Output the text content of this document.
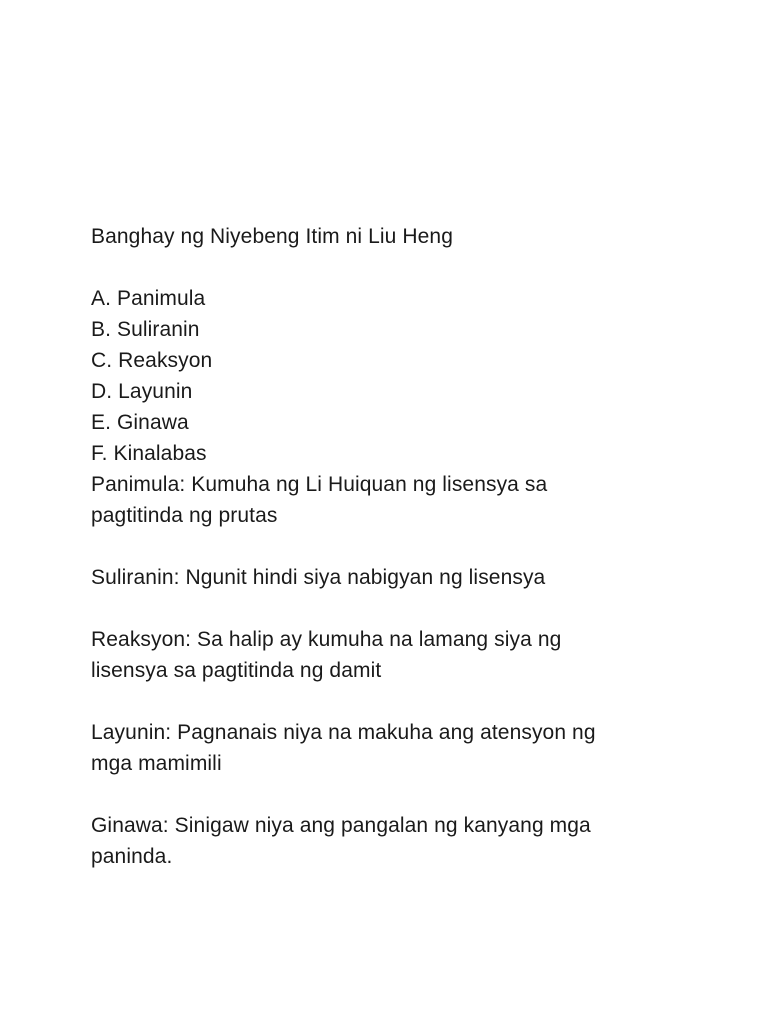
Banghay ng Niyebeng Itim ni Liu Heng
A. Panimula
B. Suliranin
C. Reaksyon
D. Layunin
E. Ginawa
F. Kinalabas
Panimula: Kumuha ng Li Huiquan ng lisensya sa
pagtitinda ng prutas
Suliranin: Ngunit hindi siya nabigyan ng lisensya
Reaksyon: Sa halip ay kumuha na lamang siya ng
lisensya sa pagtitinda ng damit
Layunin: Pagnanais niya na makuha ang atensyon ng
mga mamimili
Ginawa: Sinigaw niya ang pangalan ng kanyang mga
paninda.
